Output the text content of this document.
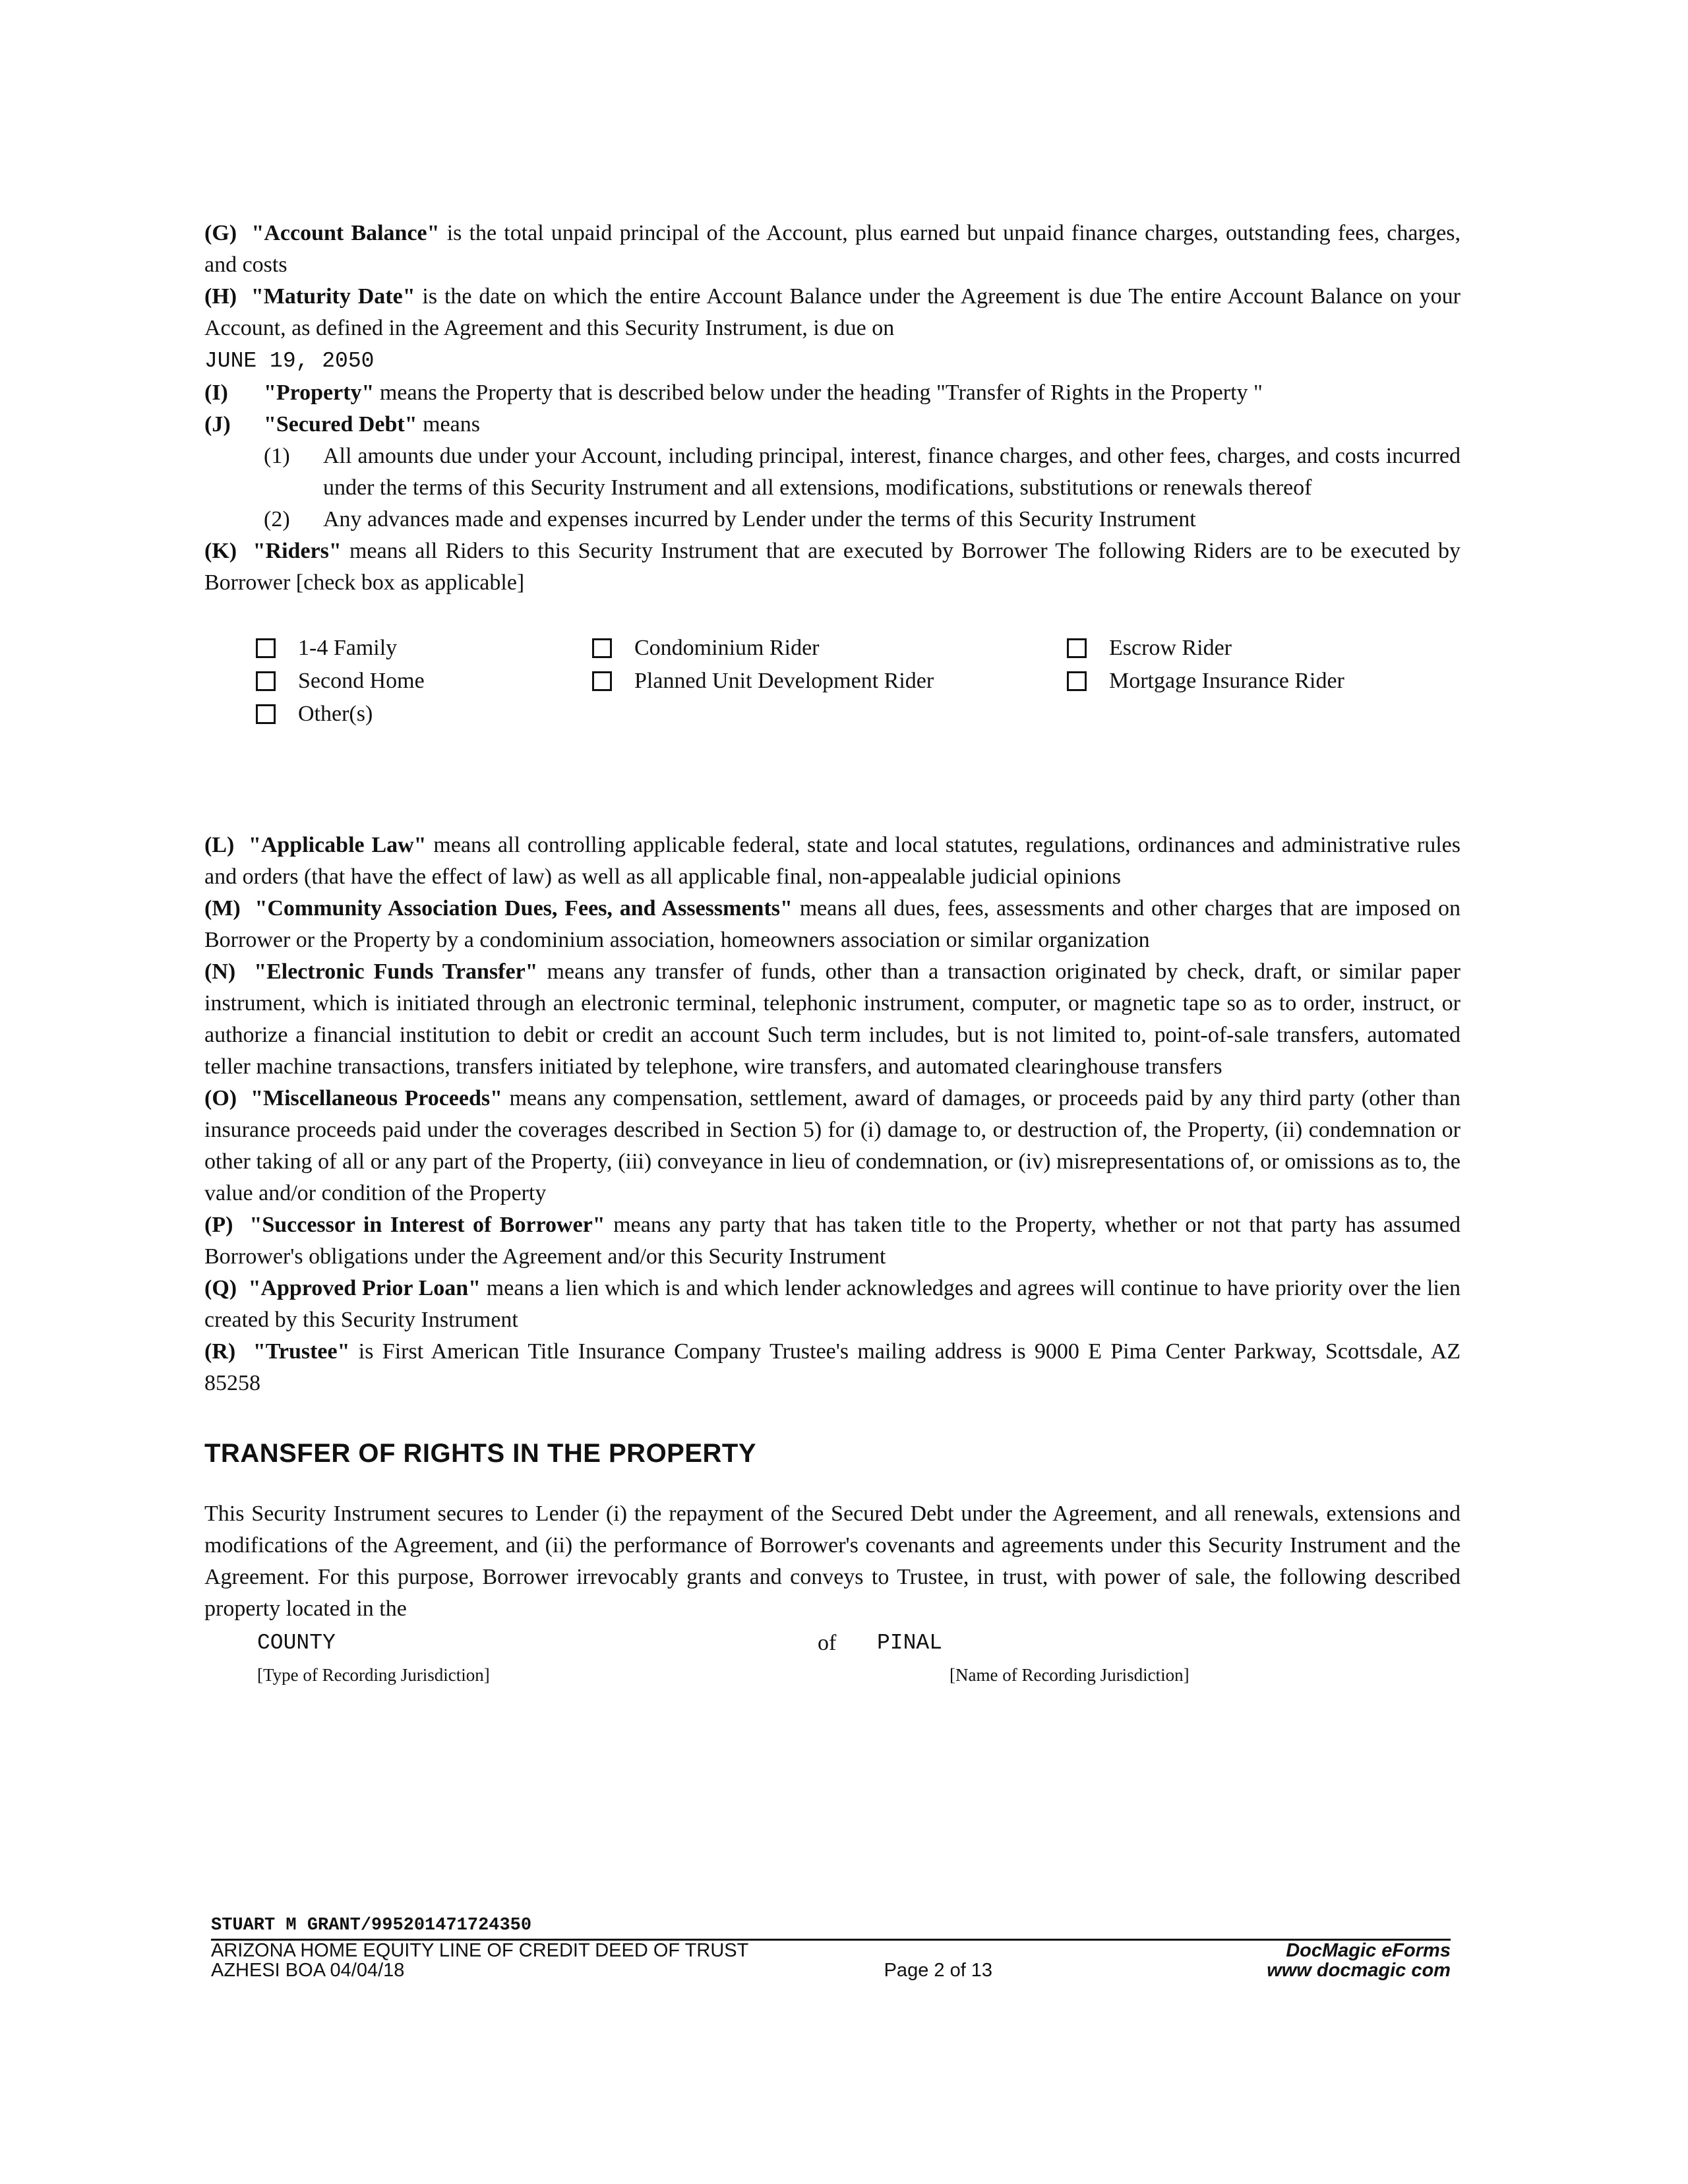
(G) "Account Balance" is the total unpaid principal of the Account, plus earned but unpaid finance charges, outstanding fees, charges, and costs

(H) "Maturity Date" is the date on which the entire Account Balance under the Agreement is due The entire Account Balance on your Account, as defined in the Agreement and this Security Instrument, is due on
JUNE 19, 2050

(I) "Property" means the Property that is described below under the heading "Transfer of Rights in the Property "

(J) "Secured Debt" means

(1) All amounts due under your Account, including principal, interest, finance charges, and other fees, charges, and costs incurred under the terms of this Security Instrument and all extensions, modifications, substitutions or renewals thereof

(2) Any advances made and expenses incurred by Lender under the terms of this Security Instrument

(K) "Riders" means all Riders to this Security Instrument that are executed by Borrower The following Riders are to be executed by Borrower [check box as applicable]

1-4 Family
Second Home
Other(s)
Condominium Rider
Planned Unit Development Rider
Escrow Rider
Mortgage Insurance Rider

(L) "Applicable Law" means all controlling applicable federal, state and local statutes, regulations, ordinances and administrative rules and orders (that have the effect of law) as well as all applicable final, non-appealable judicial opinions

(M) "Community Association Dues, Fees, and Assessments" means all dues, fees, assessments and other charges that are imposed on Borrower or the Property by a condominium association, homeowners association or similar organization

(N) "Electronic Funds Transfer" means any transfer of funds, other than a transaction originated by check, draft, or similar paper instrument, which is initiated through an electronic terminal, telephonic instrument, computer, or magnetic tape so as to order, instruct, or authorize a financial institution to debit or credit an account Such term includes, but is not limited to, point-of-sale transfers, automated teller machine transactions, transfers initiated by telephone, wire transfers, and automated clearinghouse transfers

(O) "Miscellaneous Proceeds" means any compensation, settlement, award of damages, or proceeds paid by any third party (other than insurance proceeds paid under the coverages described in Section 5) for (i) damage to, or destruction of, the Property, (ii) condemnation or other taking of all or any part of the Property, (iii) conveyance in lieu of condemnation, or (iv) misrepresentations of, or omissions as to, the value and/or condition of the Property

(P) "Successor in Interest of Borrower" means any party that has taken title to the Property, whether or not that party has assumed Borrower's obligations under the Agreement and/or this Security Instrument

(Q) "Approved Prior Loan" means a lien which is and which lender acknowledges and agrees will continue to have priority over the lien created by this Security Instrument

(R) "Trustee" is First American Title Insurance Company Trustee's mailing address is 9000 E Pima Center Parkway, Scottsdale, AZ 85258

TRANSFER OF RIGHTS IN THE PROPERTY

This Security Instrument secures to Lender (i) the repayment of the Secured Debt under the Agreement, and all renewals, extensions and modifications of the Agreement, and (ii) the performance of Borrower's covenants and agreements under this Security Instrument and the Agreement. For this purpose, Borrower irrevocably grants and conveys to Trustee, in trust, with power of sale, the following described property located in the

COUNTY
[Type of Recording Jurisdiction]
of	PINAL
[Name of Recording Jurisdiction]
STUART M GRANT/995201471724350
ARIZONA HOME EQUITY LINE OF CREDIT DEED OF TRUST
AZHESI BOA 04/04/18	Page 2 of 13
DocMagic eForms
www docmagic com
